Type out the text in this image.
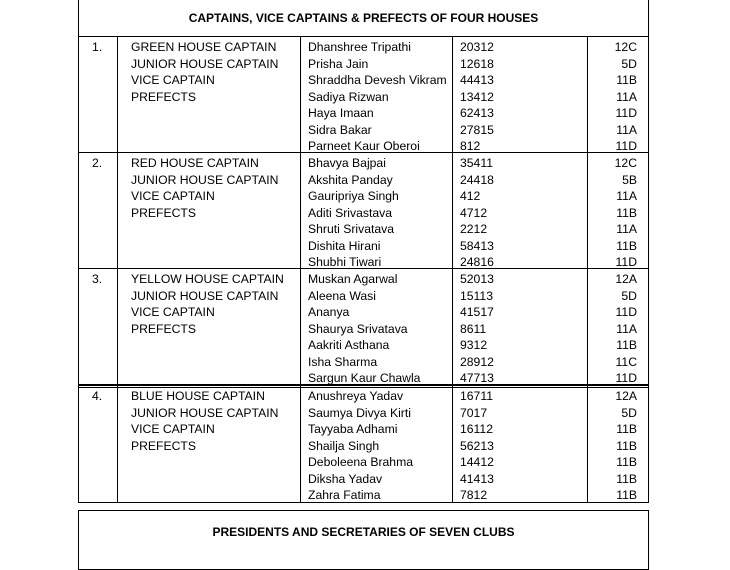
CAPTAINS, VICE CAPTAINS & PREFECTS OF FOUR HOUSES
1. GREEN HOUSE CAPTAIN
JUNIOR HOUSE CAPTAIN
VICE CAPTAIN
PREFECTS
Dhanshree Tripathi
Prisha Jain
Shraddha Devesh Vikram
Sadiya Rizwan
Haya Imaan
Sidra Bakar
Parneet Kaur Oberoi
20312
12618
44413
13412
62413
27815
812
12C
5D
11B
11A
11D
11A
11D
2. RED HOUSE CAPTAIN
JUNIOR HOUSE CAPTAIN
VICE CAPTAIN
PREFECTS
Bhavya Bajpai
Akshita Panday
Gauripriya Singh
Aditi Srivastava
Shruti Srivatava
Dishita Hirani
Shubhi Tiwari
35411
24418
412
4712
2212
58413
24816
12C
5B
11A
11B
11A
11B
11D
3. YELLOW HOUSE CAPTAIN
JUNIOR HOUSE CAPTAIN
VICE CAPTAIN
PREFECTS
Muskan Agarwal
Aleena Wasi
Ananya
Shaurya Srivatava
Aakriti Asthana
Isha Sharma
Sargun Kaur Chawla
52013
15113
41517
8611
9312
28912
47713
12A
5D
11D
11A
11B
11C
11D
4. BLUE HOUSE CAPTAIN
JUNIOR HOUSE CAPTAIN
VICE CAPTAIN
PREFECTS
Anushreya Yadav
Saumya Divya Kirti
Tayyaba Adhami
Shailja Singh
Deboleena Brahma
Diksha Yadav
Zahra Fatima
16711
7017
16112
56213
14412
41413
7812
12A
5D
11B
11B
11B
11B
11B
PRESIDENTS AND SECRETARIES OF SEVEN CLUBS
